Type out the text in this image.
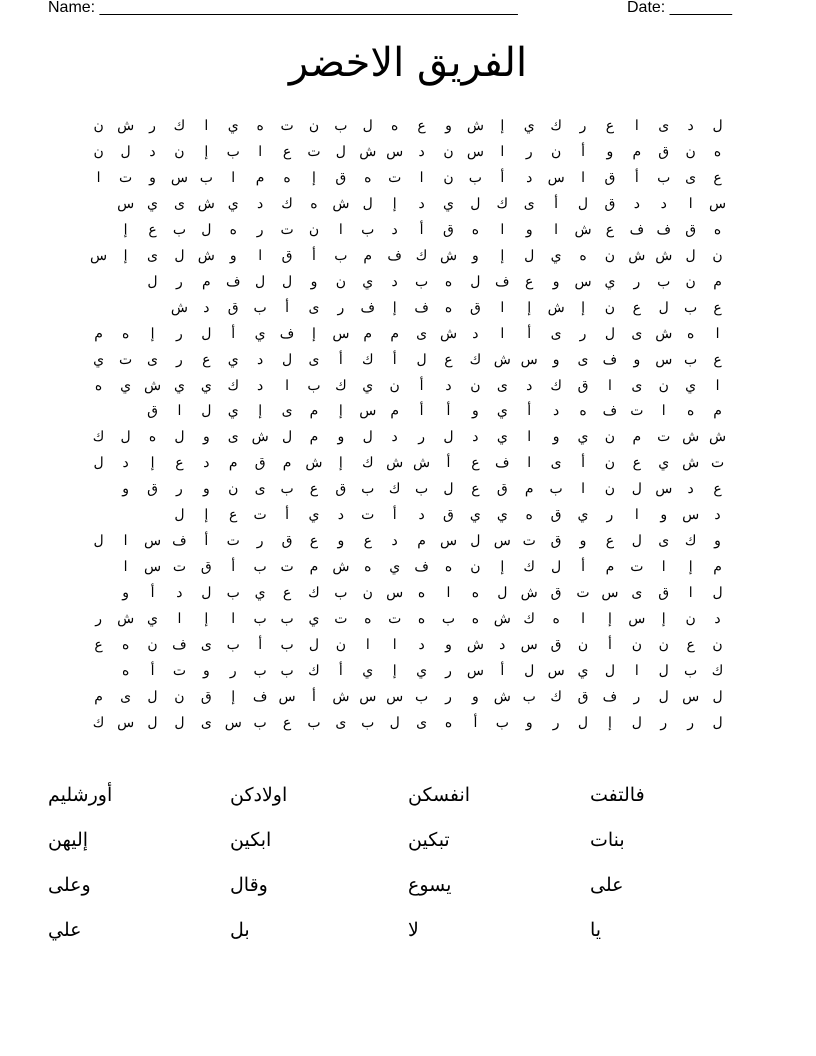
Name: _______________________________________________	Date: _______
الفريق الاخضر
ل	د	ى	ا	ع	ر	ك	ي	إ	ش	و	ع	ه	ل	ب	ن	ت	ه	ي	ا	ك	ر	ش	ن
ه	ن	ق	م	و	أ	ن	ر	ا	س	ن	د	س	ش	ل	ت	ع	ا	ب	إ	ن	د	ل	ن
ع	ى	ب	أ	ق	ا	س	د	أ	ب	ن	ا	ت	ه	ق	إ	ه	م	ا	ب	س	و	ت	ا
س	ا	د	د	ق	ل	أ	ى	ك	ل	ي	د	إ	ل	ش	ه	ك	د	ي	ش	ى	ي	س	
ه	ق	ف	ف	ع	ش	ا	و	ا	ه	ق	أ	د	ب	ا	ن	ت	ر	ه	ل	ب	ع	إ	
ن	ل	ش	ش	ن	ه	ي	ل	إ	و	ش	ك	ف	م	ب	أ	ق	ا	و	ش	ل	ى	إ	س
م	ن	ب	ر	ي	س	و	ع	ف	ل	ه	ب	د	ي	ن	و	ل	ل	ف	م	ر	ل		
ع	ب	ل	ع	ن	إ	ش	إ	ا	ق	ه	ف	إ	ف	ر	ى	أ	ب	ق	د	ش			
ا	ه	ش	ى	ل	ر	ى	أ	ا	د	ش	ى	م	م	س	إ	ف	ي	أ	ل	ر	إ	ه	م
ع	ب	س	و	ف	ى	و	س	ش	ك	ع	ل	أ	ك	أ	ى	ل	د	ي	ع	ر	ى	ت	ي
ا	ي	ن	ى	ا	ق	ك	د	ى	ن	د	أ	ن	ي	ك	ب	ا	د	ك	ي	ي	ش	ي	ه
م	ه	ا	ت	ف	ه	د	أ	ي	و	أ	أ	م	س	إ	م	ى	إ	ي	ل	ا	ق		
ش	ش	ت	م	ن	ي	و	ا	ي	د	ل	ر	د	ل	و	م	ل	ش	ى	و	ل	ه	ل	ك
ت	ش	ي	ع	ن	أ	ى	ا	ف	ع	أ	ش	ش	ك	إ	ش	م	ق	م	د	ع	إ	د	ل
ع	د	س	ل	ن	ا	ب	م	ق	ع	ل	ب	ك	ب	ق	ع	ب	ى	ن	و	ر	ق	و	
د	س	و	ا	ر	ي	ق	ه	ي	ي	ق	د	أ	ت	د	ي	أ	ت	ع	إ	ل			
و	ك	ى	ل	ع	و	ق	ت	س	ل	س	م	د	ع	و	ع	ق	ر	ت	أ	ف	س	ا	ل
م	إ	ا	ت	م	أ	ل	ك	إ	ن	ه	ف	ي	ه	ش	م	ت	ب	أ	ق	ت	س	ا	
ل	ا	ق	ى	س	ت	ق	ش	ل	ه	ا	ه	س	ن	ب	ك	ع	ي	ب	ل	د	أ	و	
د	ن	إ	س	إ	ا	ه	ك	ش	ه	ب	ه	ت	ه	ت	ي	ب	ب	ا	إ	ا	ي	ش	ر
ن	ع	ن	ن	أ	ن	ق	س	د	ش	و	د	ا	ا	ن	ل	ب	أ	ب	ى	ف	ن	ه	ع
ك	ب	ل	ا	ل	ي	س	ل	أ	س	ر	ي	إ	ي	أ	ك	ب	ب	ر	و	ت	أ	ه	
ل	س	ل	ر	ف	ق	ك	ب	ش	و	ر	ب	س	س	ش	أ	س	ف	إ	ق	ن	ل	ى	م
ل	ر	ر	ل	إ	ل	ر	و	ب	أ	ه	ى	ل	ب	ى	ب	ع	ب	س	ى	ل	ل	س	ك
فالتفت
انفسكن
اولادكن
أورشليم
بنات
تبكين
ابكين
إليهن
على
يسوع
وقال
وعلى
يا
لا
بل
علي
